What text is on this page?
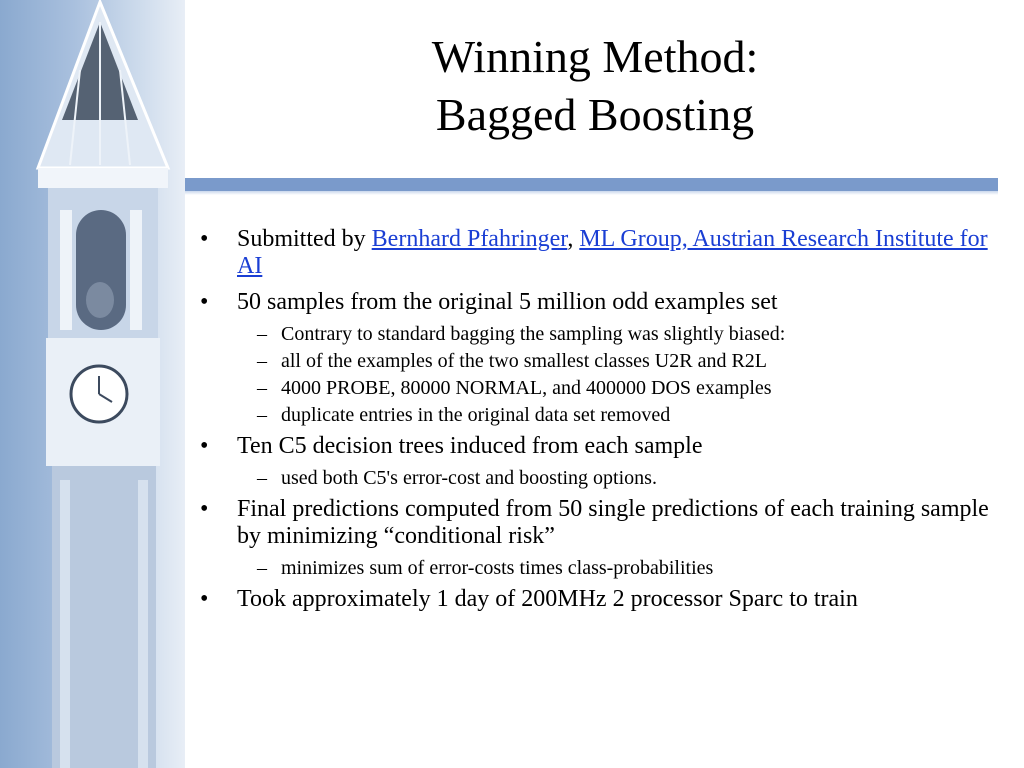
Winning Method:
Bagged Boosting
•	Submitted by Bernhard Pfahringer, ML Group, Austrian Research Institute for AI
•	50 samples from the original 5 million odd examples set
– Contrary to standard bagging the sampling was slightly biased:
– all of the examples of the two smallest classes U2R and R2L
– 4000 PROBE, 80000 NORMAL, and 400000 DOS examples
– duplicate entries in the original data set removed
•	Ten C5 decision trees induced from each sample
– used both C5's error-cost and boosting options.
•	Final predictions computed from 50 single predictions of each training sample by minimizing “conditional risk”
– minimizes sum of error-costs times class-probabilities
•	Took approximately 1 day of 200MHz 2 processor Sparc to train
